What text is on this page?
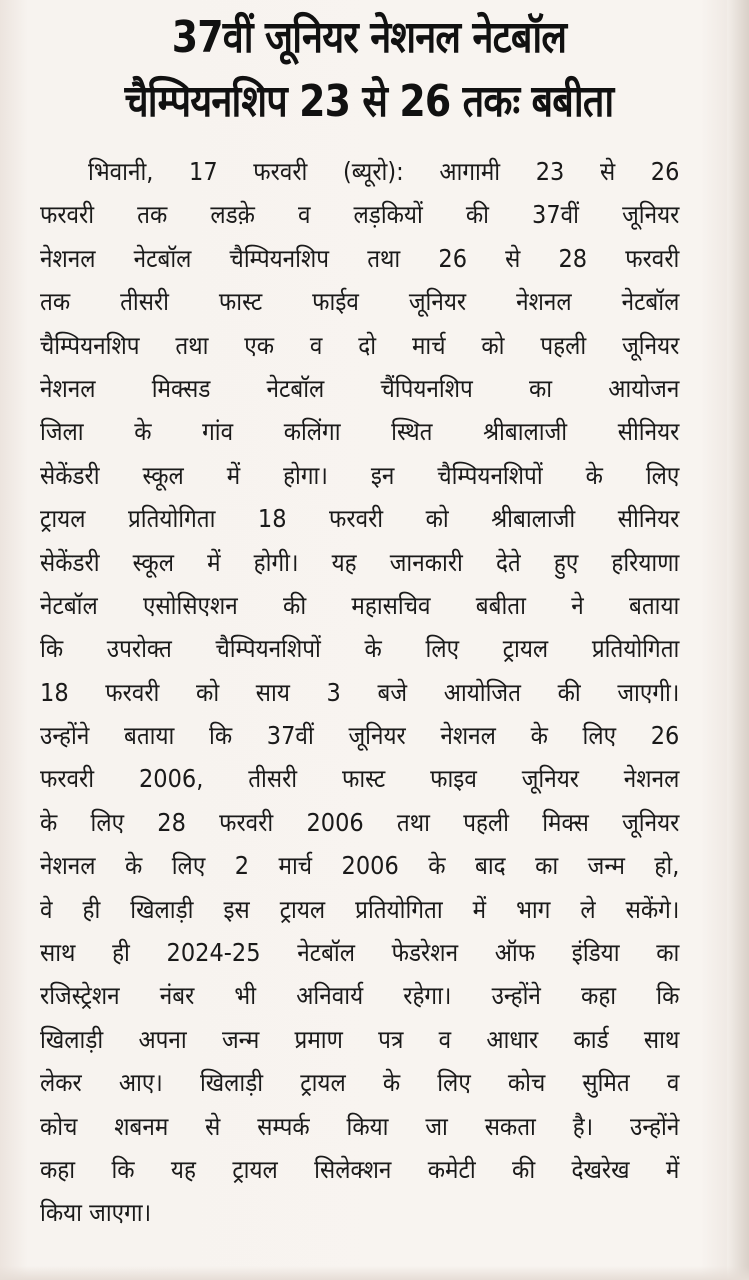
37वीं जूनियर नेशनल नेटबॉल
चैम्पियनशिप 23 से 26 तकः बबीता
भिवानी, 17 फरवरी (ब्यूरो): आगामी 23 से 26
फरवरी तक लडक़े व लड़कियों की 37वीं जूनियर
नेशनल नेटबॉल चैम्पियनशिप तथा 26 से 28 फरवरी
तक तीसरी फास्ट फाईव जूनियर नेशनल नेटबॉल
चैम्पियनशिप तथा एक व दो मार्च को पहली जूनियर
नेशनल मिक्सड नेटबॉल चैंपियनशिप का आयोजन
जिला के गांव कलिंगा स्थित श्रीबालाजी सीनियर
सेकेंडरी स्कूल में होगा। इन चैम्पियनशिपों के लिए
ट्रायल प्रतियोगिता 18 फरवरी को श्रीबालाजी सीनियर
सेकेंडरी स्कूल में होगी। यह जानकारी देते हुए हरियाणा
नेटबॉल एसोसिएशन की महासचिव बबीता ने बताया
कि उपरोक्त चैम्पियनशिपों के लिए ट्रायल प्रतियोगिता
18 फरवरी को साय 3 बजे आयोजित की जाएगी।
उन्होंने बताया कि 37वीं जूनियर नेशनल के लिए 26
फरवरी 2006, तीसरी फास्ट फाइव जूनियर नेशनल
के लिए 28 फरवरी 2006 तथा पहली मिक्स जूनियर
नेशनल के लिए 2 मार्च 2006 के बाद का जन्म हो,
वे ही खिलाड़ी इस ट्रायल प्रतियोगिता में भाग ले सकेंगे।
साथ ही 2024-25 नेटबॉल फेडरेशन ऑफ इंडिया का
रजिस्ट्रेशन नंबर भी अनिवार्य रहेगा। उन्होंने कहा कि
खिलाड़ी अपना जन्म प्रमाण पत्र व आधार कार्ड साथ
लेकर आए। खिलाड़ी ट्रायल के लिए कोच सुमित व
कोच शबनम से सम्पर्क किया जा सकता है। उन्होंने
कहा कि यह ट्रायल सिलेक्शन कमेटी की देखरेख में
किया जाएगा।
